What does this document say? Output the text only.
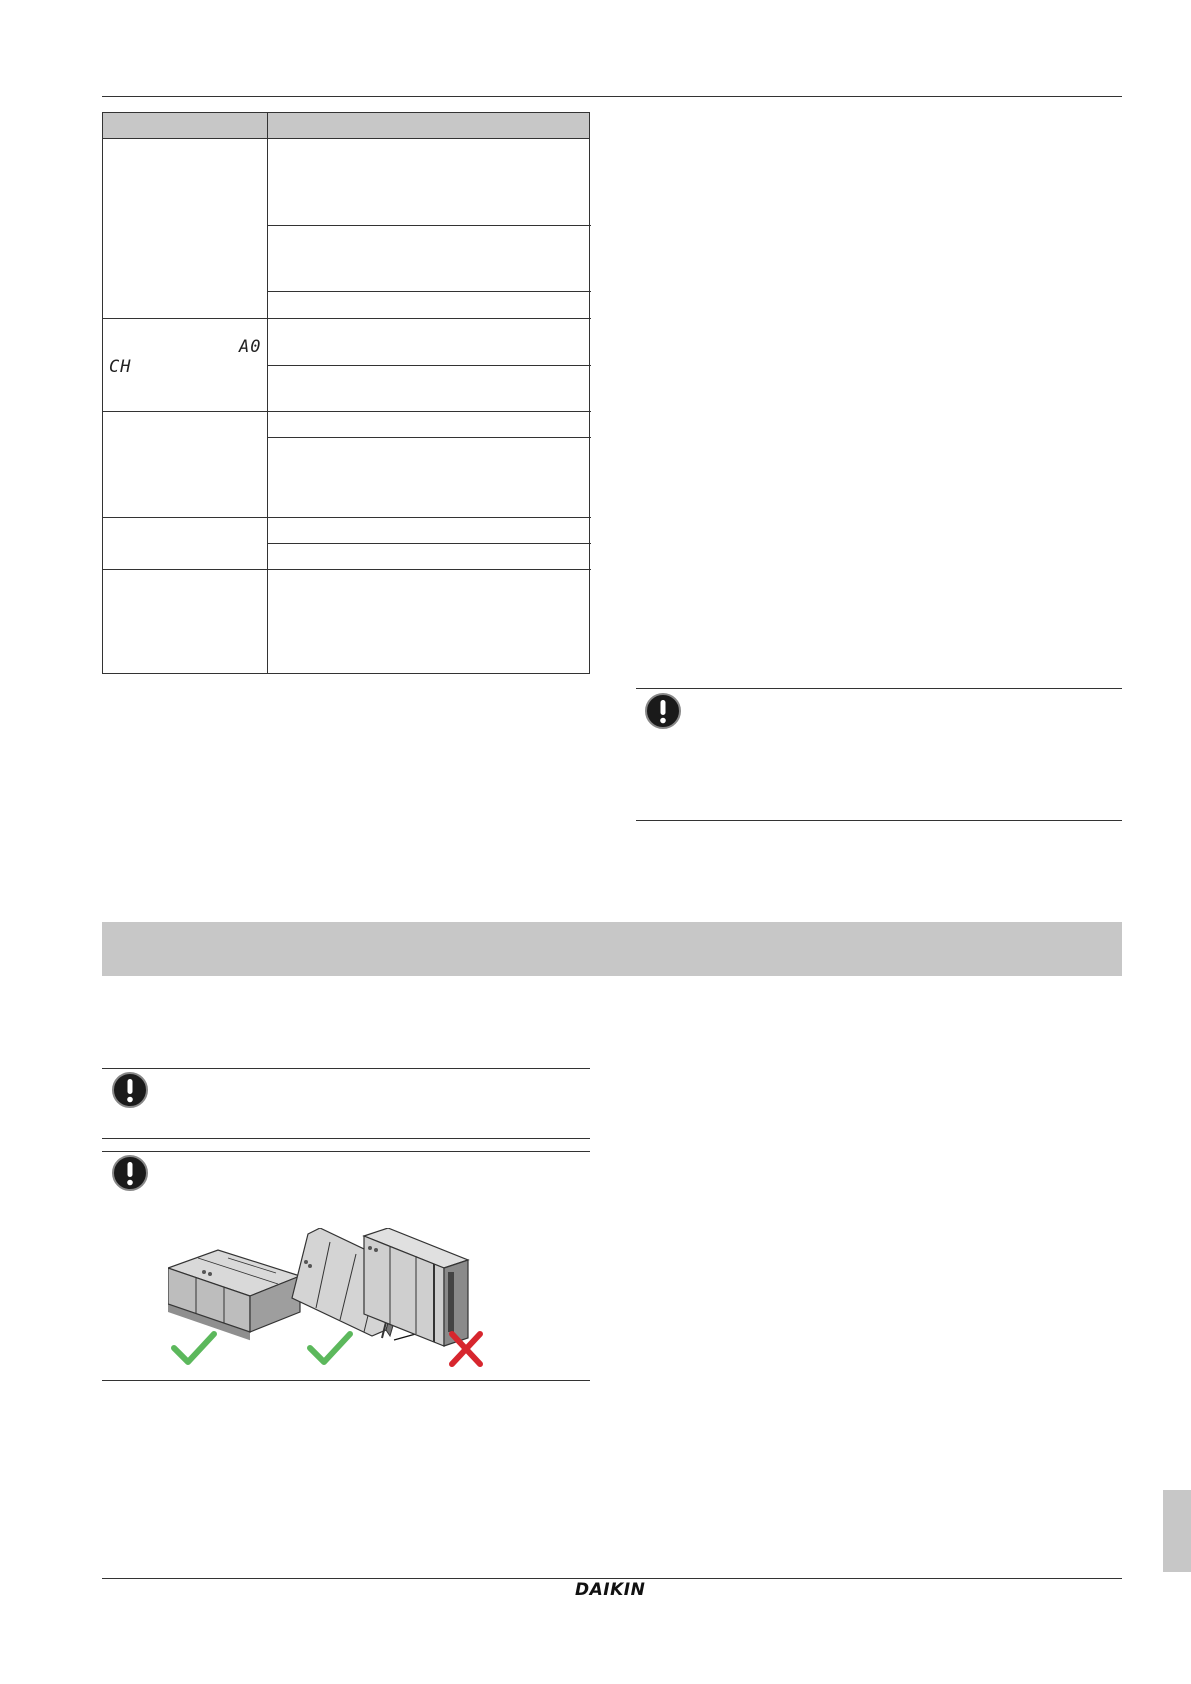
A0
CH
DAIKIN
